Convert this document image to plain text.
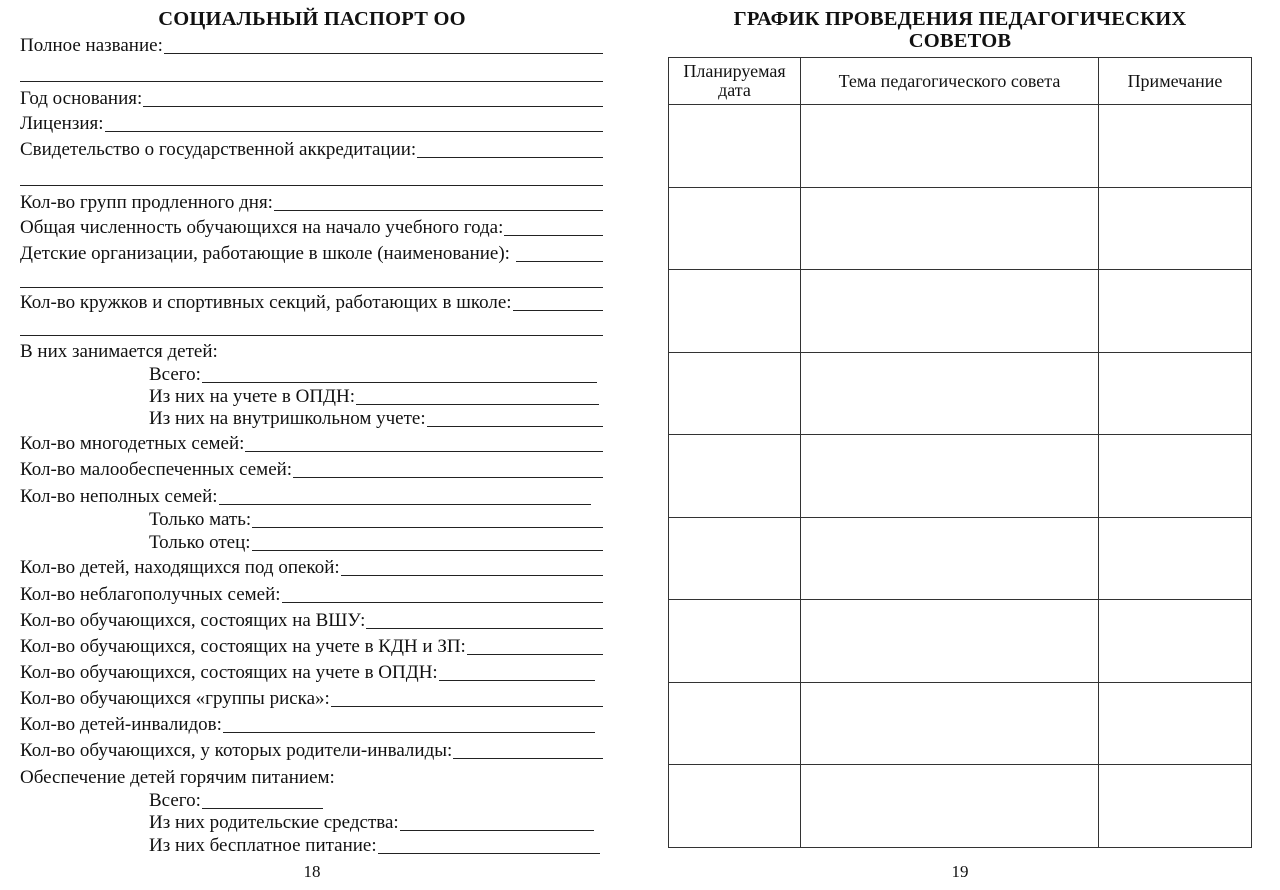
СОЦИАЛЬНЫЙ ПАСПОРТ ОО
Полное название:
Год основания:
Лицензия:
Свидетельство о государственной аккредитации:
Кол-во групп продленного дня:
Общая численность обучающихся на начало учебного года:
Детские организации, работающие в школе (наименование):
Кол-во кружков и спортивных секций, работающих в школе:
В них занимается детей:
Всего:
Из них на учете в ОПДН:
Из них на внутришкольном учете:
Кол-во многодетных семей:
Кол-во малообеспеченных семей:
Кол-во неполных семей:
Только мать:
Только отец:
Кол-во детей, находящихся под опекой:
Кол-во неблагополучных семей:
Кол-во обучающихся, состоящих на ВШУ:
Кол-во обучающихся, состоящих на учете в КДН и ЗП:
Кол-во обучающихся, состоящих на учете в ОПДН:
Кол-во обучающихся «группы риска»:
Кол-во детей-инвалидов:
Кол-во обучающихся, у которых родители-инвалиды:
Обеспечение детей горячим питанием:
Всего:
Из них родительские средства:
Из них бесплатное питание:
18
ГРАФИК ПРОВЕДЕНИЯ ПЕДАГОГИЧЕСКИХ
СОВЕТОВ
Планируемая
дата	Тема педагогического совета	Примечание

19
